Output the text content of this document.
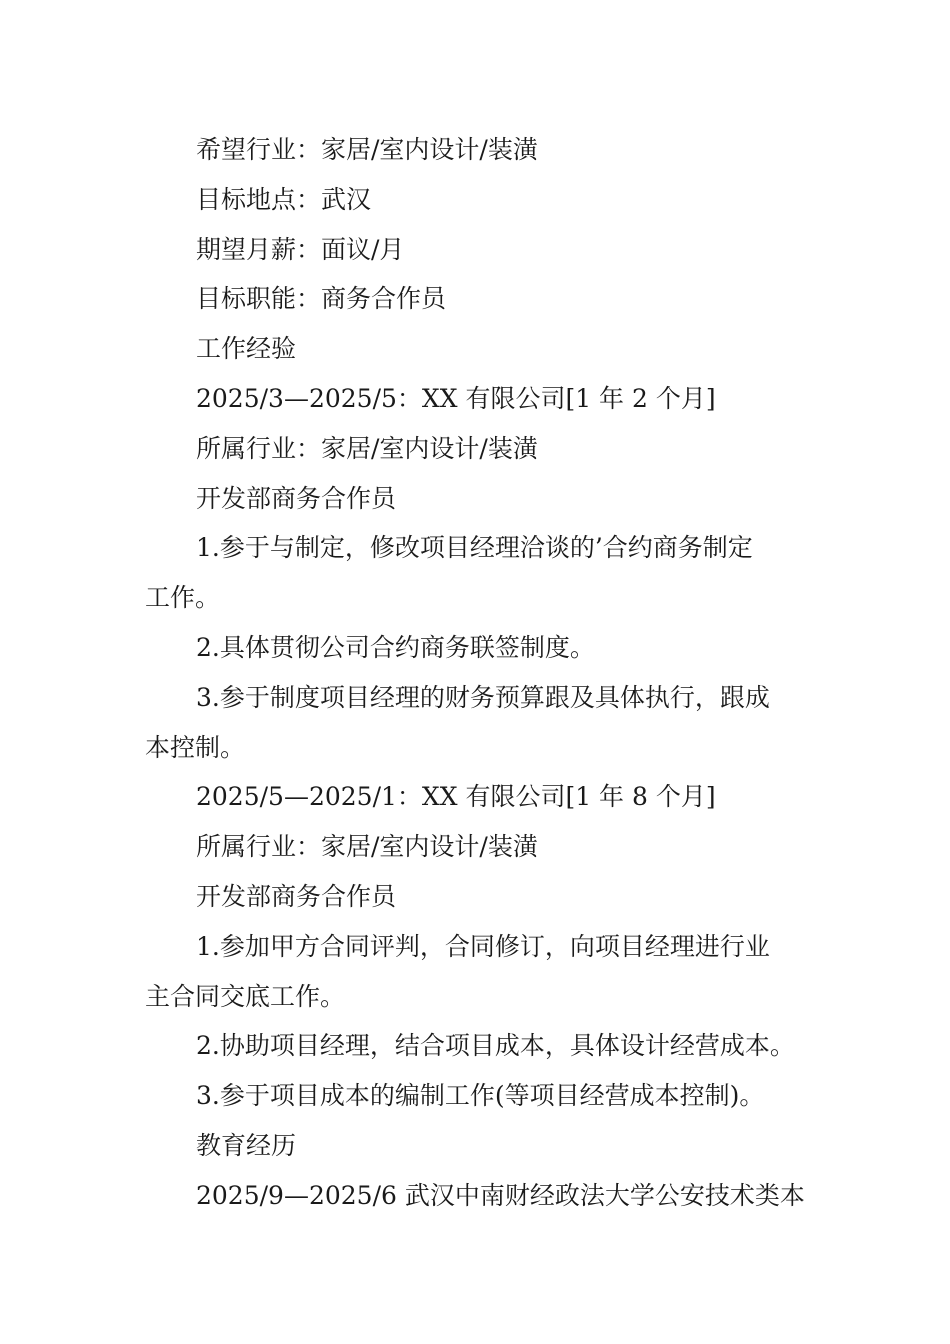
希望行业：家居/室内设计/装潢
目标地点：武汉
期望月薪：面议/月
目标职能：商务合作员
工作经验
2025/3—2025/5：XX 有限公司[1 年 2 个月]
所属行业：家居/室内设计/装潢
开发部商务合作员
1.参于与制定，修改项目经理洽谈的’合约商务制定
工作。
2.具体贯彻公司合约商务联签制度。
3.参于制度项目经理的财务预算跟及具体执行，跟成
本控制。
2025/5—2025/1：XX 有限公司[1 年 8 个月]
所属行业：家居/室内设计/装潢
开发部商务合作员
1.参加甲方合同评判，合同修订，向项目经理进行业
主合同交底工作。
2.协助项目经理，结合项目成本，具体设计经营成本。
3.参于项目成本的编制工作(等项目经营成本控制)。
教育经历
2025/9—2025/6 武汉中南财经政法大学公安技术类本
